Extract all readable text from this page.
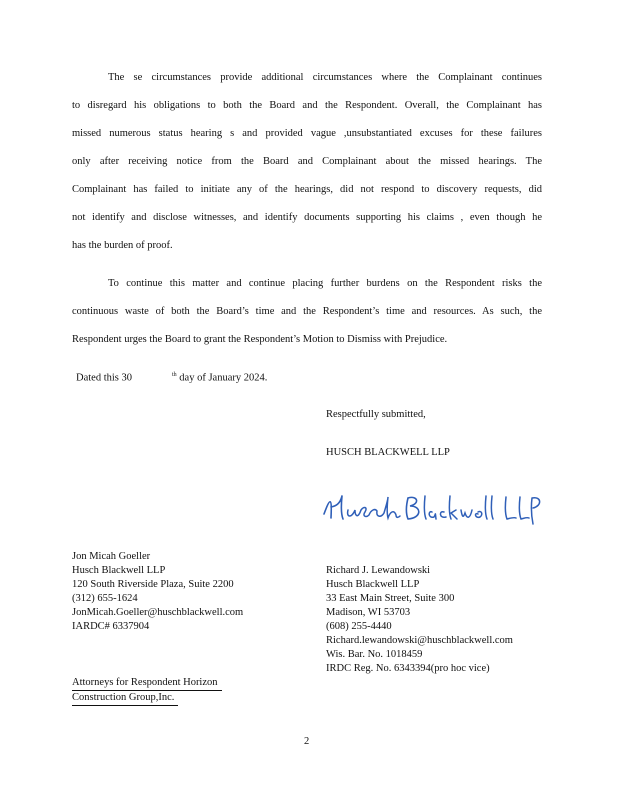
The se circumstances provide additional circumstances where the Complainant continues
to disregard his obligations to both the Board and the Respondent. Overall, the Complainant has
missed numerous status hearing s and provided vague ,unsubstantiated excuses for these failures
only after receiving notice from the Board and Complainant about the missed hearings. The
Complainant has failed to initiate any of the hearings, did not respond to discovery requests, did
not identify and disclose witnesses, and identify documents supporting his claims , even though he
has the burden of proof.
To continue this matter and continue placing further burdens on the Respondent risks the
continuous waste of both the Board’s time and the Respondent’s time and resources. As such, the
Respondent urges the Board to grant the Respondent’s Motion to Dismiss with Prejudice.
Dated this 30	$^{th}$ day of January 2024.
Respectfully submitted,
HUSCH BLACKWELL LLP
Jon Micah Goeller
Husch Blackwell LLP
120 South Riverside Plaza, Suite 2200
(312) 655-1624
JonMicah.Goeller@huschblackwell.com
IARDC# 6337904
Richard J. Lewandowski
Husch Blackwell LLP
33 East Main Street, Suite 300
Madison, WI 53703
(608) 255-4440
Richard.lewandowski@huschblackwell.com
Wis. Bar. No. 1018459
IRDC Reg. No. 6343394(pro hoc vice)
Attorneys for Respondent Horizon
Construction Group,Inc.
2
